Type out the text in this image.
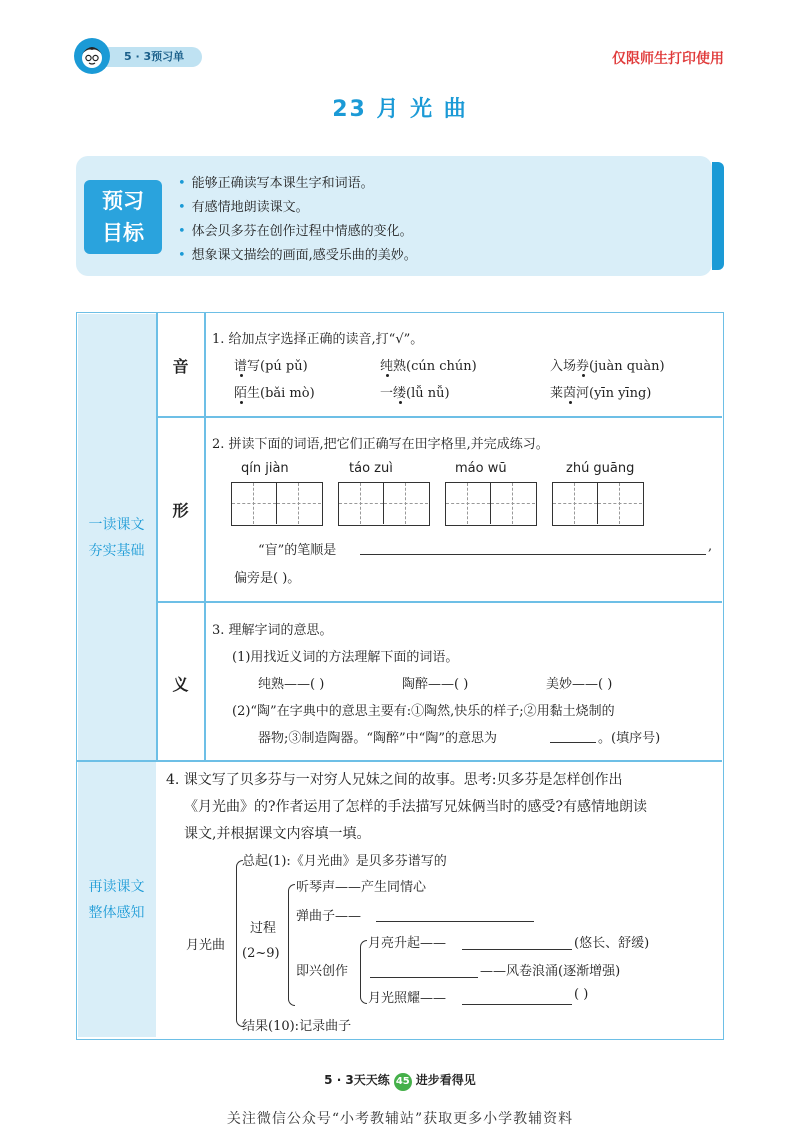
5 · 3预习单	仅限师生打印使用
23 月 光 曲
预习
目标
• 能够正确读写本课生字和词语。
• 有感情地朗读课文。
• 体会贝多芬在创作过程中情感的变化。
• 想象课文描绘的画面,感受乐曲的美妙。
一读课文
夯实基础
再读课文
整体感知
音
形
义
1. 给加点字选择正确的读音,打“√”。
谱写(pú pǔ)	纯熟(cún chún)	入场券(juàn quàn)
陌生(bǎi mò)	一缕(lǚ nǚ)	莱茵河(yīn yīng)
2. 拼读下面的词语,把它们正确写在田字格里,并完成练习。
qín jiàn	táo zuì	máo wū	zhú guāng
“盲”的笔顺是	,
偏旁是( )。
3. 理解字词的意思。
(1)用找近义词的方法理解下面的词语。
纯熟——( )	陶醉——( )	美妙——( )
(2)“陶”在字典中的意思主要有:①陶然,快乐的样子;②用黏土烧制的
器物;③制造陶器。“陶醉”中“陶”的意思为	。(填序号)
4. 课文写了贝多芬与一对穷人兄妹之间的故事。思考:贝多芬是怎样创作出
《月光曲》的?作者运用了怎样的手法描写兄妹俩当时的感受?有感情地朗读
课文,并根据课文内容填一填。
月光曲
总起(1):《月光曲》是贝多芬谱写的
过程
(2~9)
听琴声——产生同情心
弹曲子——
即兴创作
月亮升起——	(悠长、舒缓)
——风卷浪涌(逐渐增强)
月光照耀——	( )
结果(10):记录曲子
5 · 3天天练 45 进步看得见
关注微信公众号“小考教辅站”获取更多小学教辅资料
